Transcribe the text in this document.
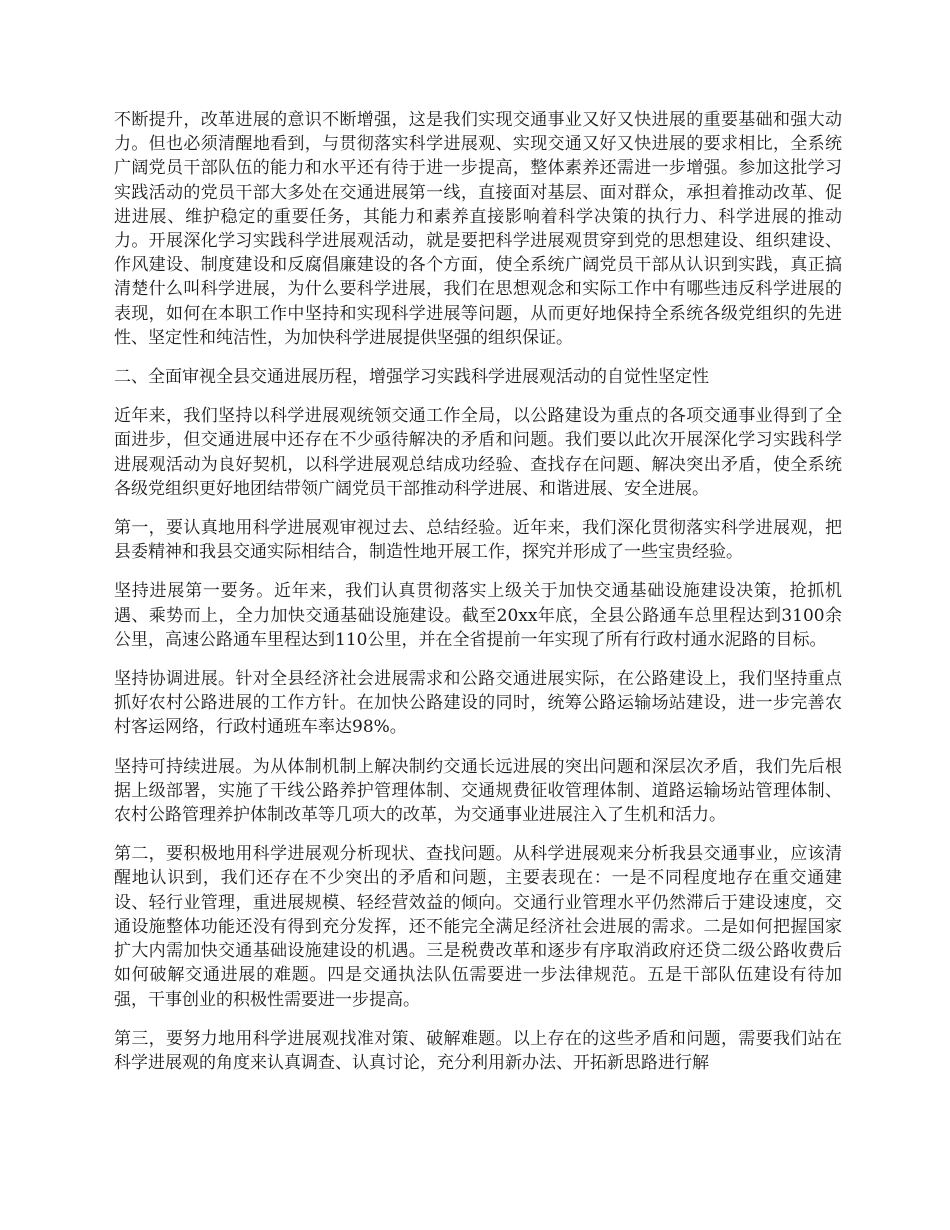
不断提升，改革进展的意识不断增强，这是我们实现交通事业又好又快进展的重要基础和强大动力。但也必须清醒地看到，与贯彻落实科学进展观、实现交通又好又快进展的要求相比，全系统广阔党员干部队伍的能力和水平还有待于进一步提高，整体素养还需进一步增强。参加这批学习实践活动的党员干部大多处在交通进展第一线，直接面对基层、面对群众，承担着推动改革、促进进展、维护稳定的重要任务，其能力和素养直接影响着科学决策的执行力、科学进展的推动力。开展深化学习实践科学进展观活动，就是要把科学进展观贯穿到党的思想建设、组织建设、作风建设、制度建设和反腐倡廉建设的各个方面，使全系统广阔党员干部从认识到实践，真正搞清楚什么叫科学进展，为什么要科学进展，我们在思想观念和实际工作中有哪些违反科学进展的表现，如何在本职工作中坚持和实现科学进展等问题，从而更好地保持全系统各级党组织的先进性、坚定性和纯洁性，为加快科学进展提供坚强的组织保证。

二、全面审视全县交通进展历程，增强学习实践科学进展观活动的自觉性坚定性

近年来，我们坚持以科学进展观统领交通工作全局，以公路建设为重点的各项交通事业得到了全面进步，但交通进展中还存在不少亟待解决的矛盾和问题。我们要以此次开展深化学习实践科学进展观活动为良好契机，以科学进展观总结成功经验、查找存在问题、解决突出矛盾，使全系统各级党组织更好地团结带领广阔党员干部推动科学进展、和谐进展、安全进展。

第一，要认真地用科学进展观审视过去、总结经验。近年来，我们深化贯彻落实科学进展观，把县委精神和我县交通实际相结合，制造性地开展工作，探究并形成了一些宝贵经验。

坚持进展第一要务。近年来，我们认真贯彻落实上级关于加快交通基础设施建设决策，抢抓机遇、乘势而上，全力加快交通基础设施建设。截至20xx年底，全县公路通车总里程达到3100余公里，高速公路通车里程达到110公里，并在全省提前一年实现了所有行政村通水泥路的目标。

坚持协调进展。针对全县经济社会进展需求和公路交通进展实际，在公路建设上，我们坚持重点抓好农村公路进展的工作方针。在加快公路建设的同时，统筹公路运输场站建设，进一步完善农村客运网络，行政村通班车率达98%。

坚持可持续进展。为从体制机制上解决制约交通长远进展的突出问题和深层次矛盾，我们先后根据上级部署，实施了干线公路养护管理体制、交通规费征收管理体制、道路运输场站管理体制、农村公路管理养护体制改革等几项大的改革，为交通事业进展注入了生机和活力。

第二，要积极地用科学进展观分析现状、查找问题。从科学进展观来分析我县交通事业，应该清醒地认识到，我们还存在不少突出的矛盾和问题，主要表现在：一是不同程度地存在重交通建设、轻行业管理，重进展规模、轻经营效益的倾向。交通行业管理水平仍然滞后于建设速度，交通设施整体功能还没有得到充分发挥，还不能完全满足经济社会进展的需求。二是如何把握国家扩大内需加快交通基础设施建设的机遇。三是税费改革和逐步有序取消政府还贷二级公路收费后如何破解交通进展的难题。四是交通执法队伍需要进一步法律规范。五是干部队伍建设有待加强，干事创业的积极性需要进一步提高。

第三，要努力地用科学进展观找准对策、破解难题。以上存在的这些矛盾和问题，需要我们站在科学进展观的角度来认真调查、认真讨论，充分利用新办法、开拓新思路进行解
